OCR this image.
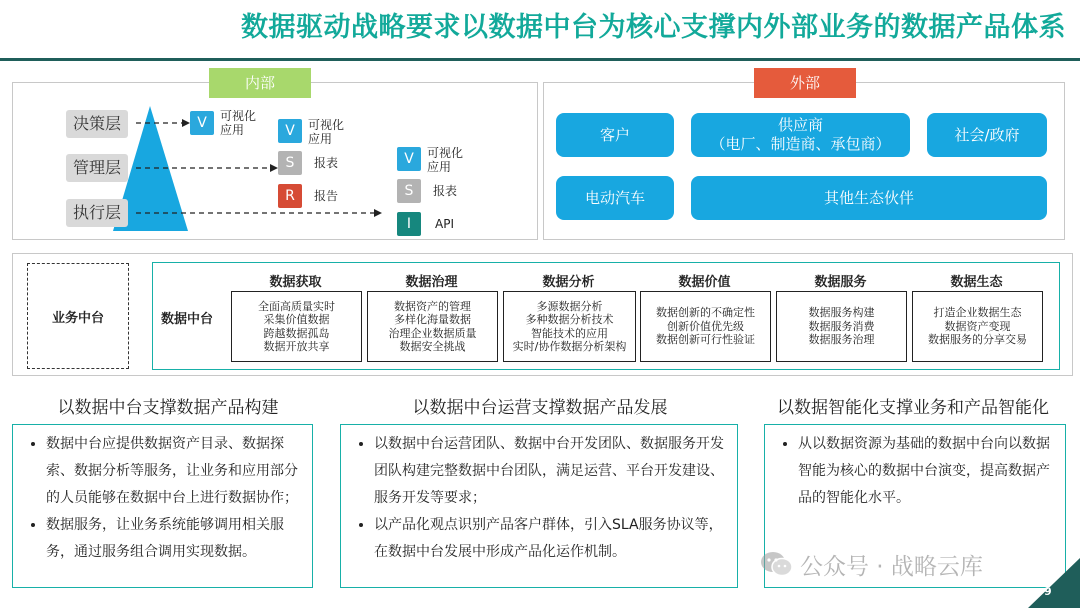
数据驱动战略要求以数据中台为核心支撑内外部业务的数据产品体系
内部
决策层
管理层
执行层
V	可视化
应用	V	可视化
应用
S	报表
R	报告
V	可视化
应用
S	报表
I	API
外部
客户
供应商
（电厂、制造商、承包商）
社会/政府
电动汽车	其他生态伙伴
业务中台	数据中台
数据获取
全面高质量实时
采集价值数据
跨越数据孤岛
数据开放共享
数据治理
数据资产的管理
多样化海量数据
治理企业数据质量
数据安全挑战
数据分析
多源数据分析
多种数据分析技术
智能技术的应用
实时/协作数据分析架构
数据价值
数据创新的不确定性
创新价值优先级
数据创新可行性验证
数据服务
数据服务构建
数据服务消费
数据服务治理
数据生态
打造企业数据生态
数据资产变现
数据服务的分享交易
以数据中台支撑数据产品构建	以数据中台运营支撑数据产品发展	以数据智能化支撑业务和产品智能化
• 数据中台应提供数据资产目录、数据探索、数据分析等服务，让业务和应用部分的人员能够在数据中台上进行数据协作；
• 数据服务，让业务系统能够调用相关服务，通过服务组合调用实现数据。
• 以数据中台运营团队、数据中台开发团队、数据服务开发团队构建完整数据中台团队，满足运营、平台开发建设、服务开发等要求；
• 以产品化观点识别产品客户群体，引入SLA服务协议等，在数据中台发展中形成产品化运作机制。
• 从以数据资源为基础的数据中台向以数据智能为核心的数据中台演变，提高数据产品的智能化水平。
公众号 · 战略云库
9
